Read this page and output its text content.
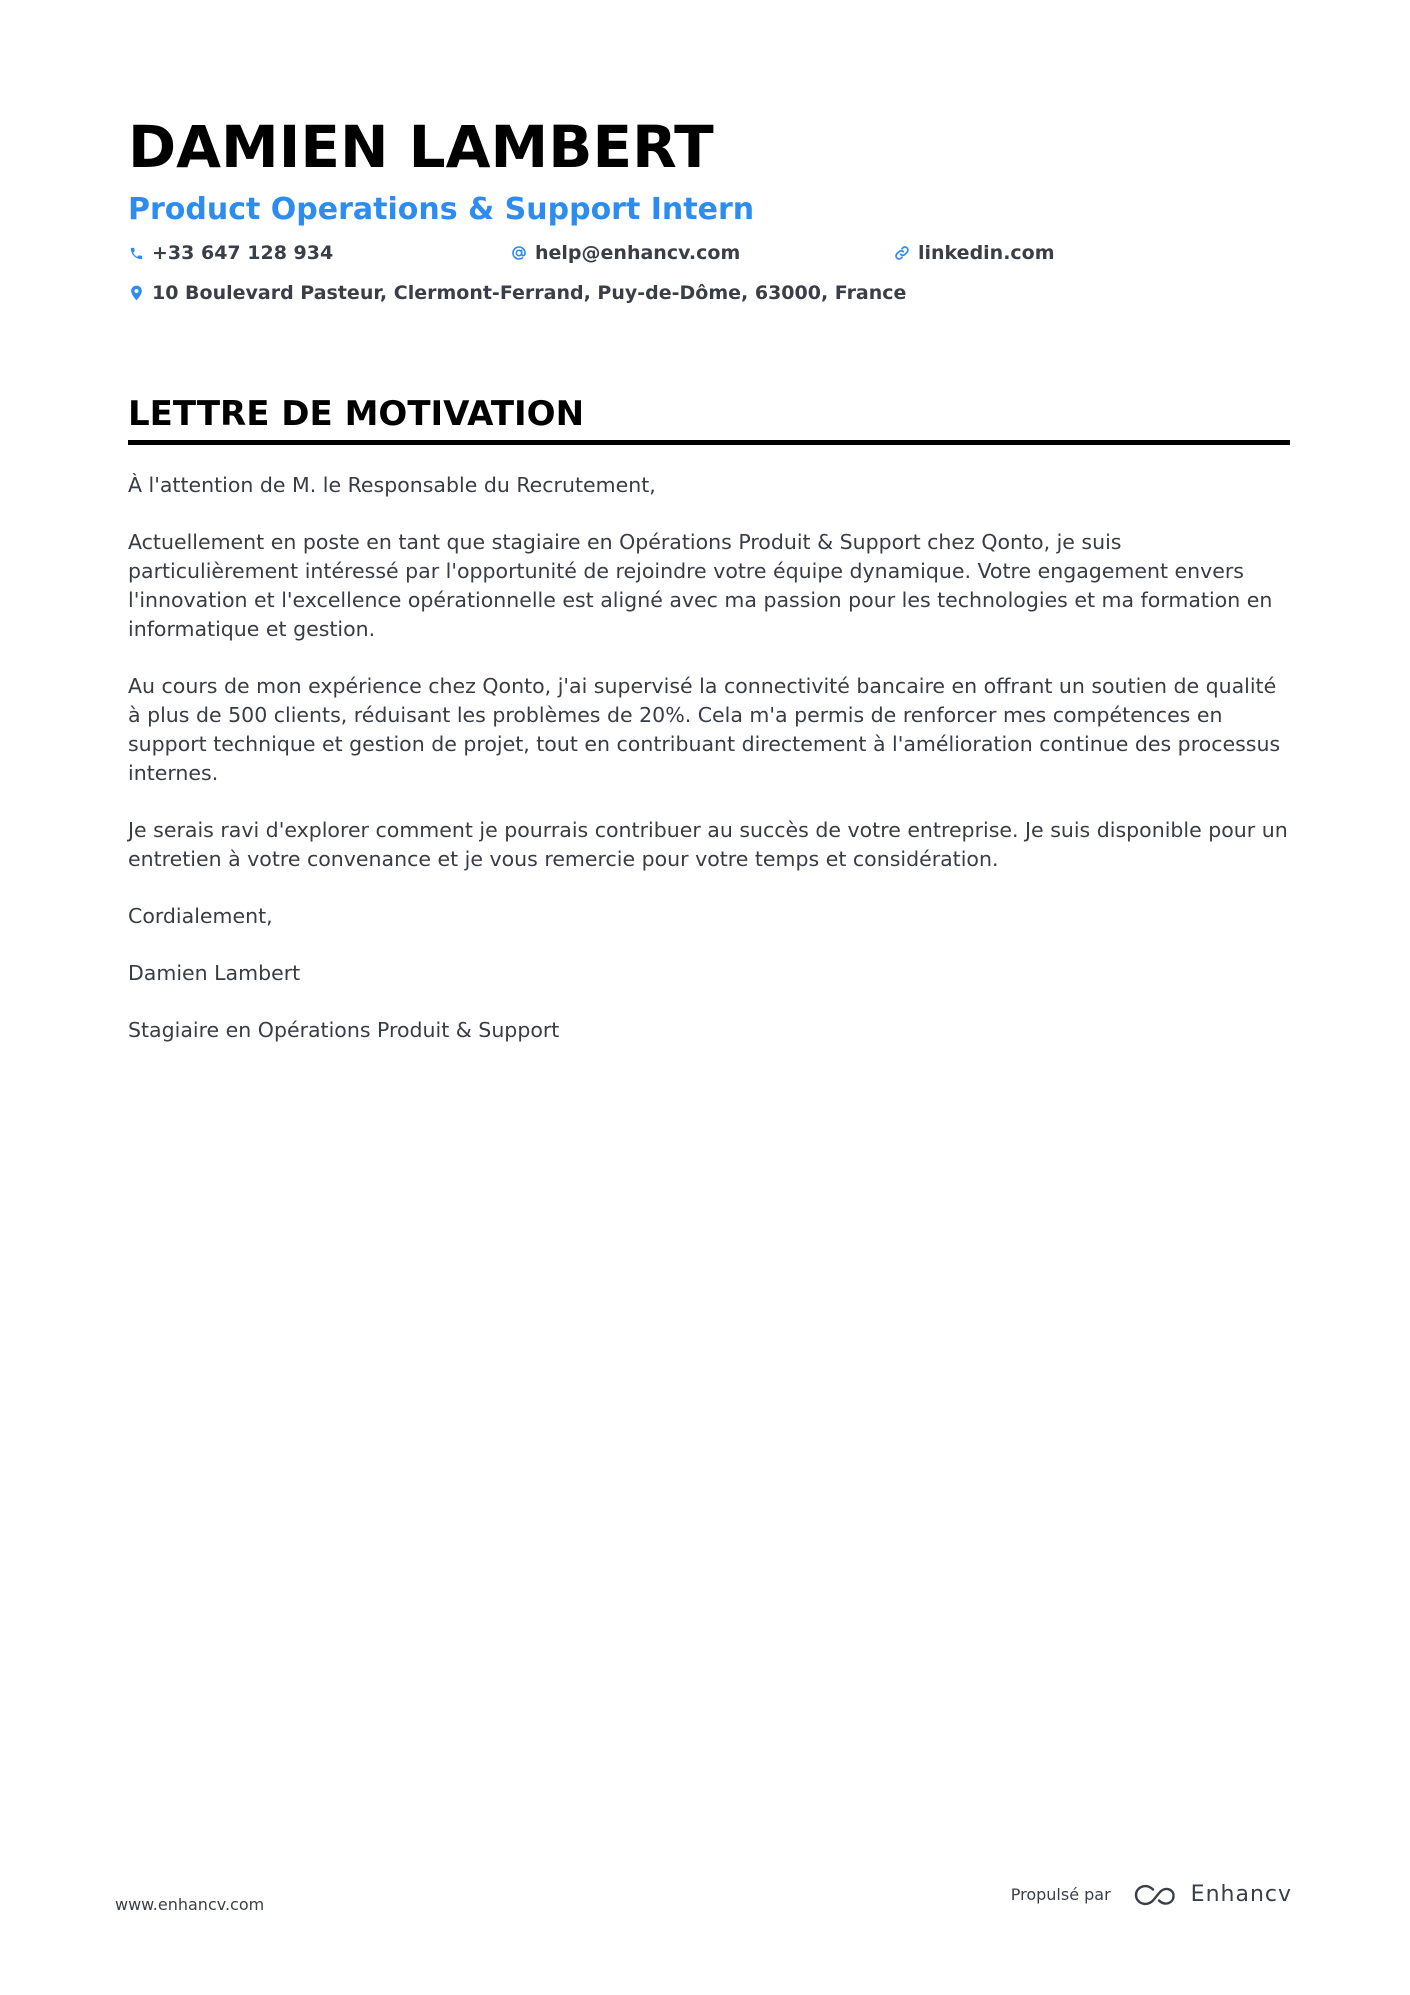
DAMIEN LAMBERT
Product Operations & Support Intern
+33 647 128 934	help@enhancv.com	linkedin.com
10 Boulevard Pasteur, Clermont-Ferrand, Puy-de-Dôme, 63000, France
LETTRE DE MOTIVATION

À l'attention de M. le Responsable du Recrutement,

Actuellement en poste en tant que stagiaire en Opérations Produit & Support chez Qonto, je suis particulièrement intéressé par l'opportunité de rejoindre votre équipe dynamique. Votre engagement envers l'innovation et l'excellence opérationnelle est aligné avec ma passion pour les technologies et ma formation en informatique et gestion.

Au cours de mon expérience chez Qonto, j'ai supervisé la connectivité bancaire en offrant un soutien de qualité à plus de 500 clients, réduisant les problèmes de 20%. Cela m'a permis de renforcer mes compétences en support technique et gestion de projet, tout en contribuant directement à l'amélioration continue des processus internes.

Je serais ravi d'explorer comment je pourrais contribuer au succès de votre entreprise. Je suis disponible pour un entretien à votre convenance et je vous remercie pour votre temps et considération.

Cordialement,

Damien Lambert

Stagiaire en Opérations Produit & Support

www.enhancv.com
Propulsé par	Enhancv
